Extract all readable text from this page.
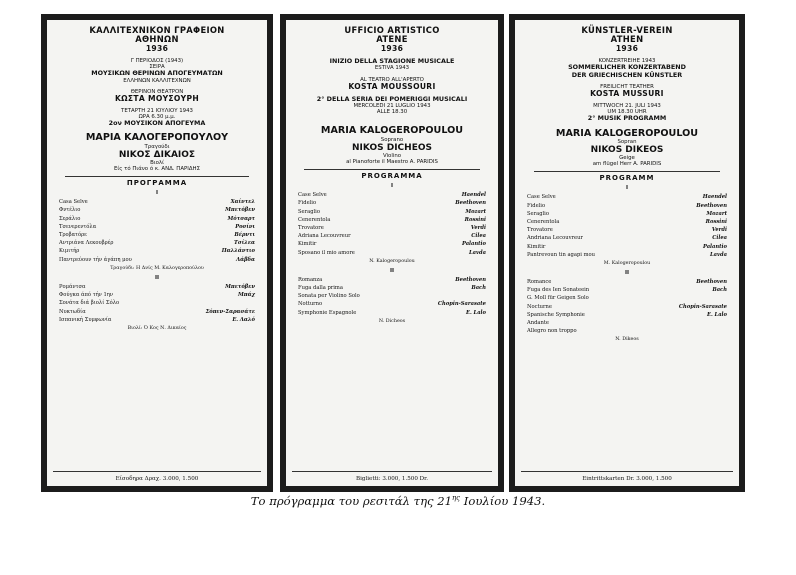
ΚΑΛΛΙΤΕΧΝΙΚΟΝ ΓΡΑΦΕΙΟΝ
ΑΘΗΝΩΝ
1936
Γ ΠΕΡΙΟΔΟΣ (1943)
ΣΕΙΡΑ
ΜΟΥΣΙΚΩΝ ΘΕΡΙΝΩΝ ΑΠΟΓΕΥΜΑΤΩΝ
ΕΛΛΗΝΩΝ ΚΑΛΛΙΤΕΧΝΩΝ
ΘΕΡΙΝΟΝ ΘΕΑΤΡΟΝ
ΚΩΣΤΑ ΜΟΥΣΟΥΡΗ
ΤΕΤΑΡΤΗ 21 ΙΟΥΛΙΟΥ 1943
ΩΡΑ 6.30 μ.μ.
2ον ΜΟΥΣΙΚΟΝ ΑΠΟΓΕΥΜΑ
ΜΑΡΙΑ ΚΑΛΟΓΕΡΟΠΟΥΛΟΥ
Τραγούδι
ΝΙΚΟΣ ΔΙΚΑΙΟΣ
Βιολί
Είς τό Πιάνο ό κ. ΑΝΔ. ΠΑΡΙΔΗΣ
ΠΡΟΓΡΑΜΜΑ
Ι
Casa Selve	Χαίντελ
Φντέλιο	Μπετόβεν
Σεράλιο	Μότσαρτ
Τσενερεντόλα	Ροσίνι
Τροβατόρε	Βέρντι
Αντριάνα Λεκουβρέρ	Τσίλεα
Κιμιτήρ	Παλλάντιο
Παντρεύουν τήν άγάπη μου	Λάβδα
Τραγούδι: Η Δνίς Μ. Καλογεροπούλου
ΙΙ
Ρομάντσα	Μπετόβεν
Φούγκα άπό τήν 1ην	Μπάχ
Σονάτα διά βιολί Σόλο
Νυκτωδία	Σόπεν-Σαρασάτε
Ισπανική Συμφωνία	Ε. Λαλό
Βιολί: Ό Κος Ν. Δικαίος
Είσοδηρα Δραχ. 3.000, 1.500
UFFICIO ARTISTICO
ATENE
1936
INIZIO DELLA STAGIONE MUSICALE
ESTIVA 1943
AL TEATRO ALL'APERTO
KOSTA MOUSSOURI
2° DELLA SERIA DEI POMERIGGI MUSICALI
MERCOLEDI 21 LUGLIO 1943
ALLE 18.30
MARIA KALOGEROPOULOU
Soprano
NIKOS DICHEOS
Violino
al Pianoforte il Maestro A. PARIDIS
PROGRAMMA
I
Case Selve	Haendel
Fidelio	Beethoven
Seraglio	Mozart
Cenerentola	Rossini
Trovatore	Verdi
Adriana Lecouvreur	Cilea
Kimitir	Palantio
Sposano il mio amore	Lavda
N. Kalogeropoulou
II
Romanza	Beethoven
Fuga dalla prima	Bach
Sonata per Violino Solo
Notturno	Chopin-Sarasate
Symphonie Espagnole	E. Lalo
N. Dicheos
Biglietti: 3.000, 1.500 Dr.
KÜNSTLER-VEREIN
ATHEN
1936
KONZERTREIHE 1943
SOMMERLICHER KONZERTABEND
DER GRIECHISCHEN KÜNSTLER
FREILICHT TEATHER
KOSTA MUSSURI
MITTWOCH 21. JULI 1943
UM 18.30 UHR
2° MUSIK PROGRAMM
MARIA KALOGEROPOULOU
Sopran
NIKOS DIKEOS
Geige
am flügel Herr A. PARIDIS
PROGRAMM
I
Case Selve	Haendel
Fidelio	Beethoven
Seraglio	Mozart
Cenerentola	Rossini
Trovatore	Verdi
Andriana Lecouvreur	Cilea
Kimitir	Palantio
Pantrevoun tin agapi mou	Lavda
M. Kalogeropoulou
II
Romance	Beethoven
Fuga des Ien Sonateein	Bach
G. Moll für Geigen Solo
Nocturne	Chopin-Sarasate
Spanische Symphonie	E. Lalo
Andante
Allegro non troppo
N. Dikeos
Eintrittskarten Dr. 3.000, 1.500
Το πρόγραμμα του ρεσιτάλ της $21^{\eta\varsigma}$ Ιουλίου 1943.
